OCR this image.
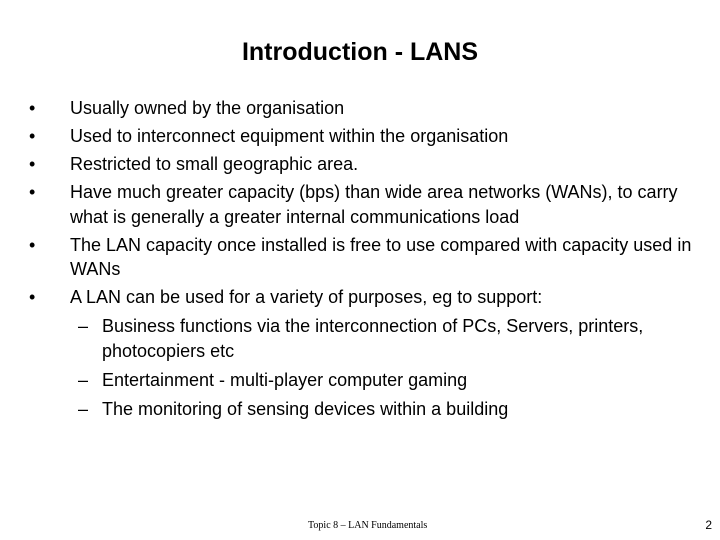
Introduction - LANS
• Usually owned by the organisation
• Used to interconnect equipment within the organisation
• Restricted to small geographic area.
• Have much greater capacity (bps) than wide area networks (WANs), to carry what is generally a greater internal communications load
• The LAN capacity once installed is free to use compared with capacity used in WANs
• A LAN can be used for a variety of purposes, eg to support:
– Business functions via the interconnection of PCs, Servers, printers, photocopiers etc
– Entertainment - multi-player computer gaming
– The monitoring of sensing devices within a building
Topic 8 – LAN Fundamentals	2
